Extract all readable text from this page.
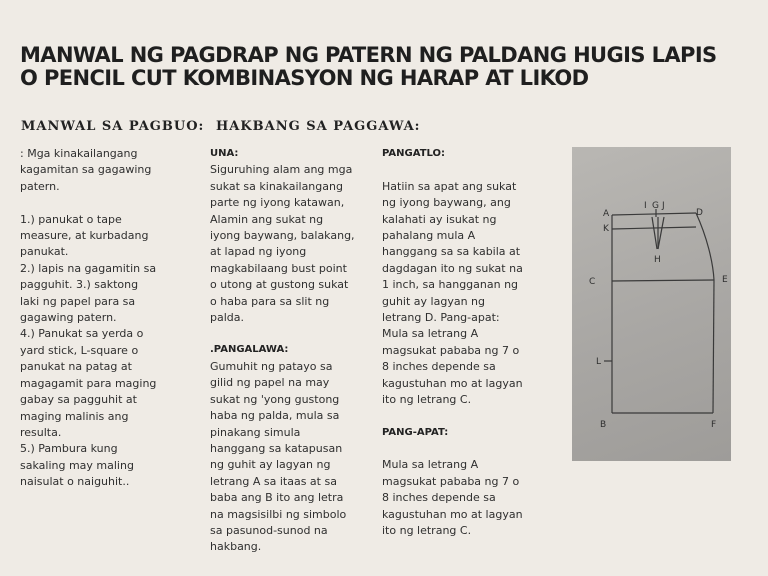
MANWAL NG PAGDRAP NG PATERN NG PALDANG HUGIS LAPIS O PENCIL CUT KOMBINASYON NG HARAP AT LIKOD
MANWAL SA PAGBUO: HAKBANG SA PAGGAWA:

: Mga kinakailangang kagamitan sa gagawing patern.

1.) panukat o tape measure, at kurbadang panukat.
2.) lapis na gagamitin sa pagguhit. 3.) saktong laki ng papel para sa gagawing patern.
4.) Panukat sa yerda o yard stick, L-square o panukat na patag at magagamit para maging gabay sa pagguhit at maging malinis ang resulta.
5.) Pambura kung sakaling may maling naisulat o naiguhit..

UNA:

Siguruhing alam ang mga sukat sa kinakailangang parte ng iyong katawan, Alamin ang sukat ng iyong baywang, balakang, at lapad ng iyong magkabilaang bust point o utong at gustong sukat o haba para sa slit ng palda.

.PANGALAWA:

Gumuhit ng patayo sa gilid ng papel na may sukat ng 'yong gustong haba ng palda, mula sa pinakang simula hanggang sa katapusan ng guhit ay lagyan ng letrang A sa itaas at sa baba ang B ito ang letra na magsisilbi ng simbolo sa pasunod-sunod na hakbang.

PANGATLO:

Hatiin sa apat ang sukat ng iyong baywang, ang kalahati ay isukat ng pahalang mula A hanggang sa sa kabila at dagdagan ito ng sukat na 1 inch, sa hangganan ng guhit ay lagyan ng letrang D. Pang-apat: Mula sa letrang A magsukat pababa ng 7 o 8 inches depende sa kagustuhan mo at lagyan ito ng letrang C.

PANG-APAT:

Mula sa letrang A magsukat pababa ng 7 o 8 inches depende sa kagustuhan mo at lagyan ito ng letrang C.

A
K
I G J
D
H
C	E
L
B	F
